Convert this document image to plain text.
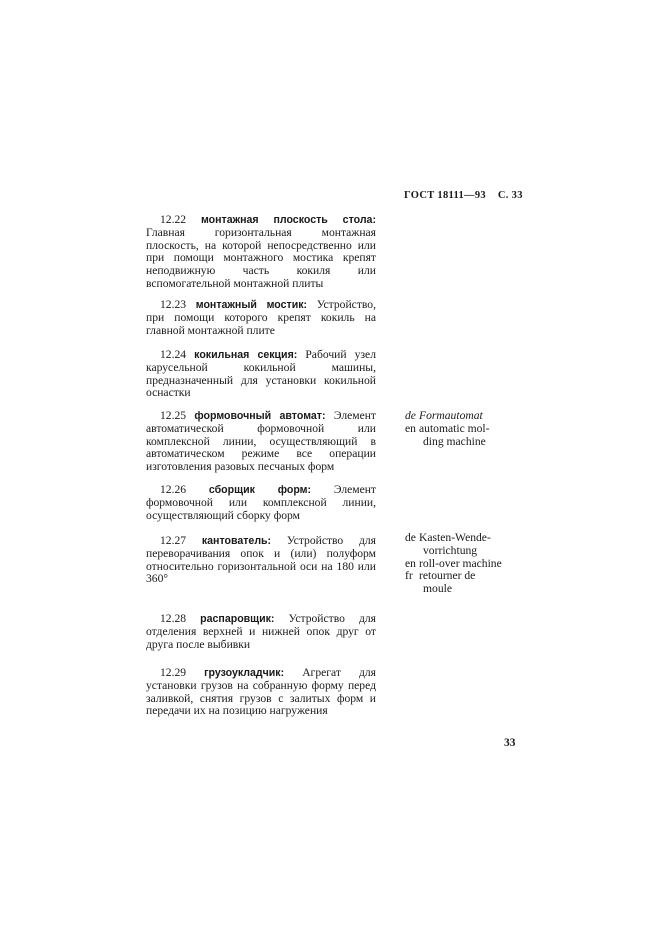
ГОСТ 18111—93 С. 33
12.22 монтажная плоскость стола: Главная горизонтальная монтажная плоскость, на которой непосредственно или при помощи монтажного мостика крепят неподвижную часть кокиля или вспомогательной монтажной плиты
12.23 монтажный мостик: Устройство, при помощи которого крепят кокиль на главной монтажной плите
12.24 кокильная секция: Рабочий узел карусельной кокильной машины, предназначенный для установки кокильной оснастки
12.25 формовочный автомат: Элемент автоматической формовочной или комплексной линии, осуществляющий в автоматическом режиме все операции изготовления разовых песчаных форм
de Formautomat
en automatic mol-
ding machine
12.26 сборщик форм: Элемент формовочной или комплексной линии, осуществляющий сборку форм
12.27 кантователь: Устройство для переворачивания опок и (или) полуформ относительно горизонтальной оси на 180 или 360°
de Kasten-Wende-
vorrichtung
en roll-over machine
fr retourner de
moule
12.28 распаровщик: Устройство для отделения верхней и нижней опок друг от друга после выбивки
12.29 грузоукладчик: Агрегат для установки грузов на собранную форму перед заливкой, снятия грузов с залитых форм и передачи их на позицию нагружения
33
